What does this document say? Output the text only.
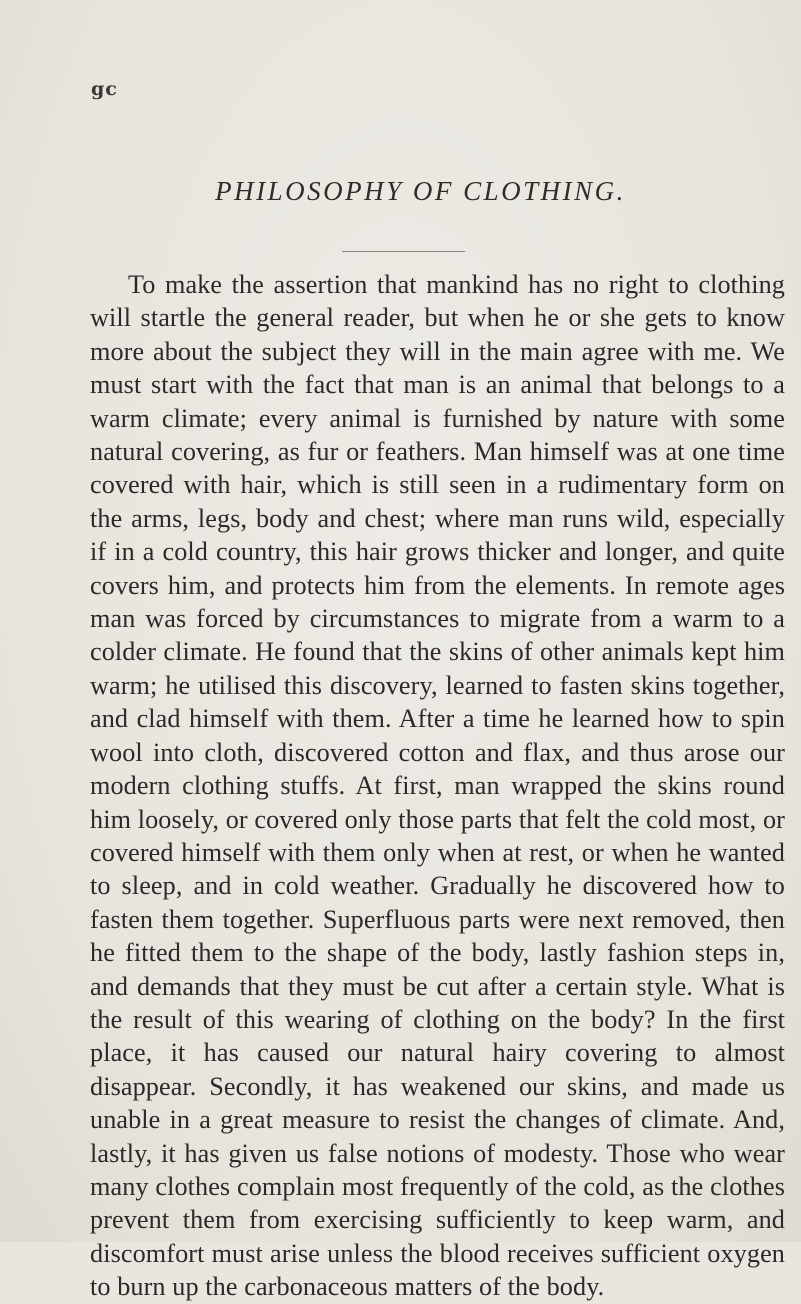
gc
PHILOSOPHY OF CLOTHING.

To make the assertion that mankind has no right to clothing will startle the general reader, but when he or she gets to know more about the subject they will in the main agree with me. We must start with the fact that man is an animal that belongs to a warm climate; every animal is furnished by nature with some natural covering, as fur or feathers. Man himself was at one time covered with hair, which is still seen in a rudimentary form on the arms, legs, body and chest; where man runs wild, especially if in a cold country, this hair grows thicker and longer, and quite covers him, and protects him from the elements. In remote ages man was forced by circumstances to migrate from a warm to a colder climate. He found that the skins of other animals kept him warm; he utilised this discovery, learned to fasten skins together, and clad himself with them. After a time he learned how to spin wool into cloth, discovered cotton and flax, and thus arose our modern clothing stuffs. At first, man wrapped the skins round him loosely, or covered only those parts that felt the cold most, or covered himself with them only when at rest, or when he wanted to sleep, and in cold weather. Gradually he discovered how to fasten them together. Superfluous parts were next removed, then he fitted them to the shape of the body, lastly fashion steps in, and demands that they must be cut after a certain style. What is the result of this wearing of clothing on the body? In the first place, it has caused our natural hairy covering to almost disappear. Secondly, it has weakened our skins, and made us unable in a great measure to resist the changes of climate. And, lastly, it has given us false notions of modesty. Those who wear many clothes complain most frequently of the cold, as the clothes prevent them from exercising sufficiently to keep warm, and discomfort must arise unless the blood receives sufficient oxygen to burn up the carbonaceous matters of the body.
